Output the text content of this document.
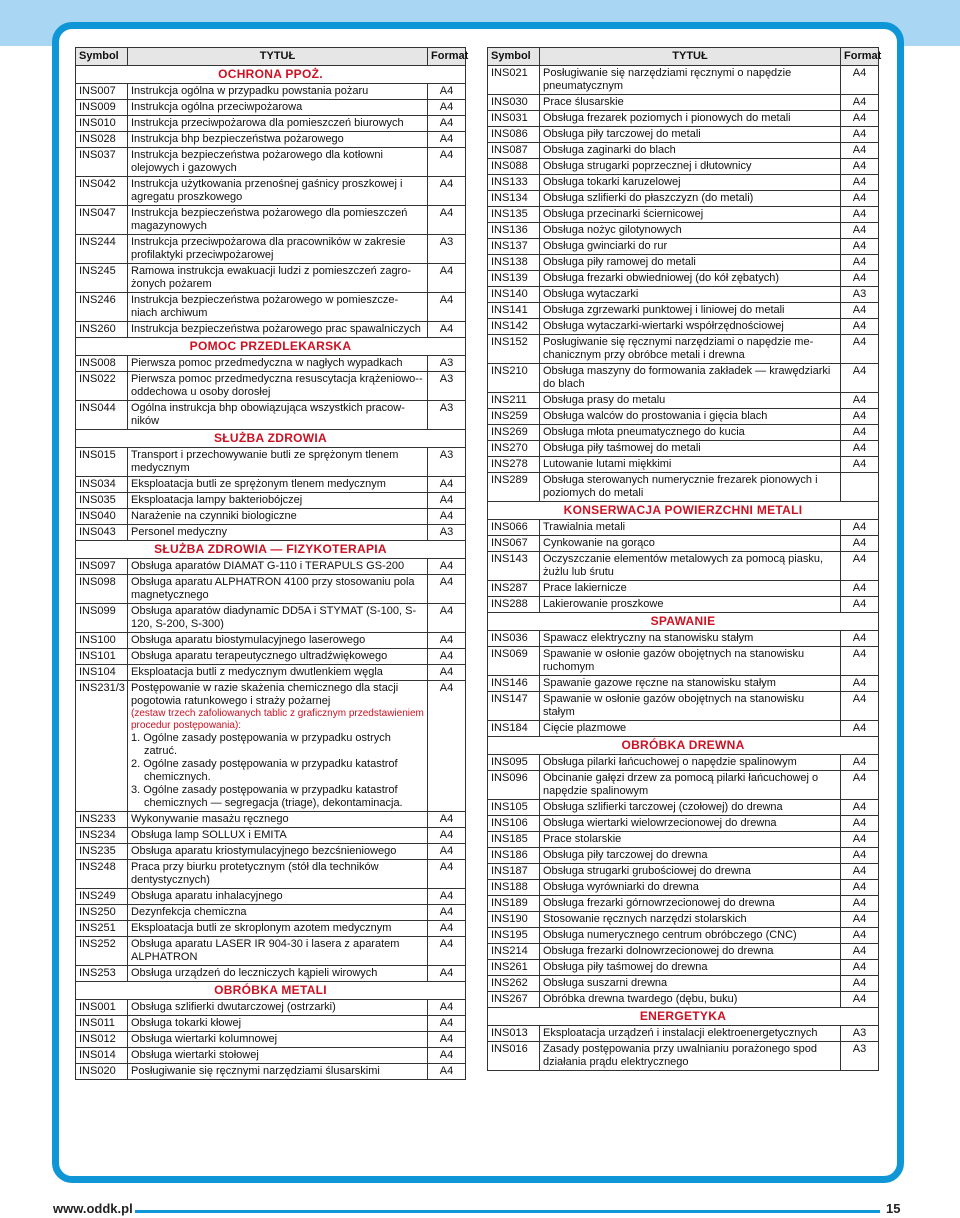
Symbol	TYTUŁ	Format
OCHRONA PPOŻ.		
INS007	Instrukcja ogólna w przypadku powstania pożaru	A4
INS009	Instrukcja ogólna przeciwpożarowa	A4
INS010	Instrukcja przeciwpożarowa dla pomieszczeń biurowych	A4
INS028	Instrukcja bhp bezpieczeństwa pożarowego	A4
INS037	Instrukcja bezpieczeństwa pożarowego dla kotłowni olejowych i gazowych	A4
INS042	Instrukcja użytkowania przenośnej gaśnicy proszkowej i agregatu proszkowego	A4
INS047	Instrukcja bezpieczeństwa pożarowego dla pomieszczeń magazynowych	A4
INS244	Instrukcja przeciwpożarowa dla pracowników w zakresie profilaktyki przeciwpożarowej	A3
INS245	Ramowa instrukcja ewakuacji ludzi z pomieszczeń zagro-żonych pożarem	A4
INS246	Instrukcja bezpieczeństwa pożarowego w pomieszcze-niach archiwum	A4
INS260	Instrukcja bezpieczeństwa pożarowego prac spawalniczych	A4
POMOC PRZEDLEKARSKA		
INS008	Pierwsza pomoc przedmedyczna w nagłych wypadkach	A3
INS022	Pierwsza pomoc przedmedyczna resuscytacja krążeniowo--oddechowa u osoby dorosłej	A3
INS044	Ogólna instrukcja bhp obowiązująca wszystkich pracow-ników	A3
SŁUŻBA ZDROWIA		
INS015	Transport i przechowywanie butli ze sprężonym tlenem medycznym	A3
INS034	Eksploatacja butli ze sprężonym tlenem medycznym	A4
INS035	Eksploatacja lampy bakteriobójczej	A4
INS040	Narażenie na czynniki biologiczne	A4
INS043	Personel medyczny	A3
SŁUŻBA ZDROWIA — FIZYKOTERAPIA		
INS097	Obsługa aparatów DIAMAT G-110 i TERAPULS GS-200	A4
INS098	Obsługa aparatu ALPHATRON 4100 przy stosowaniu pola magnetycznego	A4
INS099	Obsługa aparatów diadynamic DD5A i STYMAT (S-100, S-120, S-200, S-300)	A4
INS100	Obsługa aparatu biostymulacyjnego laserowego	A4
INS101	Obsługa aparatu terapeutycznego ultradźwiękowego	A4
INS104	Eksploatacja butli z medycznym dwutlenkiem węgla	A4
INS231/3	Postępowanie w razie skażenia chemicznego dla stacji pogotowia ratunkowego i straży pożarnej
(zestaw trzech zafoliowanych tablic z graficznym przedstawieniem procedur postępowania):
1. Ogólne zasady postępowania w przypadku ostrych zatruć.
2. Ogólne zasady postępowania w przypadku katastrof chemicznych.
3. Ogólne zasady postępowania w przypadku katastrof chemicznych — segregacja (triage), dekontaminacja.	A4
INS233	Wykonywanie masażu ręcznego	A4
INS234	Obsługa lamp SOLLUX i EMITA	A4
INS235	Obsługa aparatu kriostymulacyjnego bezcśnieniowego	A4
INS248	Praca przy biurku protetycznym (stół dla techników dentystycznych)	A4
INS249	Obsługa aparatu inhalacyjnego	A4
INS250	Dezynfekcja chemiczna	A4
INS251	Eksploatacja butli ze skroplonym azotem medycznym	A4
INS252	Obsługa aparatu LASER IR 904-30 i lasera z aparatem ALPHATRON	A4
INS253	Obsługa urządzeń do leczniczych kąpieli wirowych	A4
OBRÓBKA METALI		
INS001	Obsługa szlifierki dwutarczowej (ostrzarki)	A4
INS011	Obsługa tokarki kłowej	A4
INS012	Obsługa wiertarki kolumnowej	A4
INS014	Obsługa wiertarki stołowej	A4
INS020	Posługiwanie się ręcznymi narzędziami ślusarskimi	A4
Symbol	TYTUŁ	Format
INS021	Posługiwanie się narzędziami ręcznymi o napędzie pneumatycznym	A4
INS030	Prace ślusarskie	A4
INS031	Obsługa frezarek poziomych i pionowych do metali	A4
INS086	Obsługa piły tarczowej do metali	A4
INS087	Obsługa zaginarki do blach	A4
INS088	Obsługa strugarki poprzecznej i dłutownicy	A4
INS133	Obsługa tokarki karuzelowej	A4
INS134	Obsługa szlifierki do płaszczyzn (do metali)	A4
INS135	Obsługa przecinarki ściernicowej	A4
INS136	Obsługa nożyc gilotynowych	A4
INS137	Obsługa gwinciarki do rur	A4
INS138	Obsługa piły ramowej do metali	A4
INS139	Obsługa frezarki obwiedniowej (do kół zębatych)	A4
INS140	Obsługa wytaczarki	A3
INS141	Obsługa zgrzewarki punktowej i liniowej do metali	A4
INS142	Obsługa wytaczarki-wiertarki współrzędnościowej	A4
INS152	Posługiwanie się ręcznymi narzędziami o napędzie me-chanicznym przy obróbce metali i drewna	A4
INS210	Obsługa maszyny do formowania zakładek — krawędziarki do blach	A4
INS211	Obsługa prasy do metalu	A4
INS259	Obsługa walców do prostowania i gięcia blach	A4
INS269	Obsługa młota pneumatycznego do kucia	A4
INS270	Obsługa piły taśmowej do metali	A4
INS278	Lutowanie lutami miękkimi	A4
INS289	Obsługa sterowanych numerycznie frezarek pionowych i poziomych do metali	
KONSERWACJA POWIERZCHNI METALI		
INS066	Trawialnia metali	A4
INS067	Cynkowanie na gorąco	A4
INS143	Oczyszczanie elementów metalowych za pomocą piasku, żużlu lub śrutu	A4
INS287	Prace lakiernicze	A4
INS288	Lakierowanie proszkowe	A4
SPAWANIE		
INS036	Spawacz elektryczny na stanowisku stałym	A4
INS069	Spawanie w osłonie gazów obojętnych na stanowisku ruchomym	A4
INS146	Spawanie gazowe ręczne na stanowisku stałym	A4
INS147	Spawanie w osłonie gazów obojętnych na stanowisku stałym	A4
INS184	Cięcie plazmowe	A4
OBRÓBKA DREWNA		
INS095	Obsługa pilarki łańcuchowej o napędzie spalinowym	A4
INS096	Obcinanie gałęzi drzew za pomocą pilarki łańcuchowej o napędzie spalinowym	A4
INS105	Obsługa szlifierki tarczowej (czołowej) do drewna	A4
INS106	Obsługa wiertarki wielowrzecionowej do drewna	A4
INS185	Prace stolarskie	A4
INS186	Obsługa piły tarczowej do drewna	A4
INS187	Obsługa strugarki grubościowej do drewna	A4
INS188	Obsługa wyrówniarki do drewna	A4
INS189	Obsługa frezarki górnowrzecionowej do drewna	A4
INS190	Stosowanie ręcznych narzędzi stolarskich	A4
INS195	Obsługa numerycznego centrum obróbczego (CNC)	A4
INS214	Obsługa frezarki dolnowrzecionowej do drewna	A4
INS261	Obsługa piły taśmowej do drewna	A4
INS262	Obsługa suszarni drewna	A4
INS267	Obróbka drewna twardego (dębu, buku)	A4
ENERGETYKA		
INS013	Eksploatacja urządzeń i instalacji elektroenergetycznych	A3
INS016	Zasady postępowania przy uwalnianiu porażonego spod działania prądu elektrycznego	A3
www.oddk.pl	15
